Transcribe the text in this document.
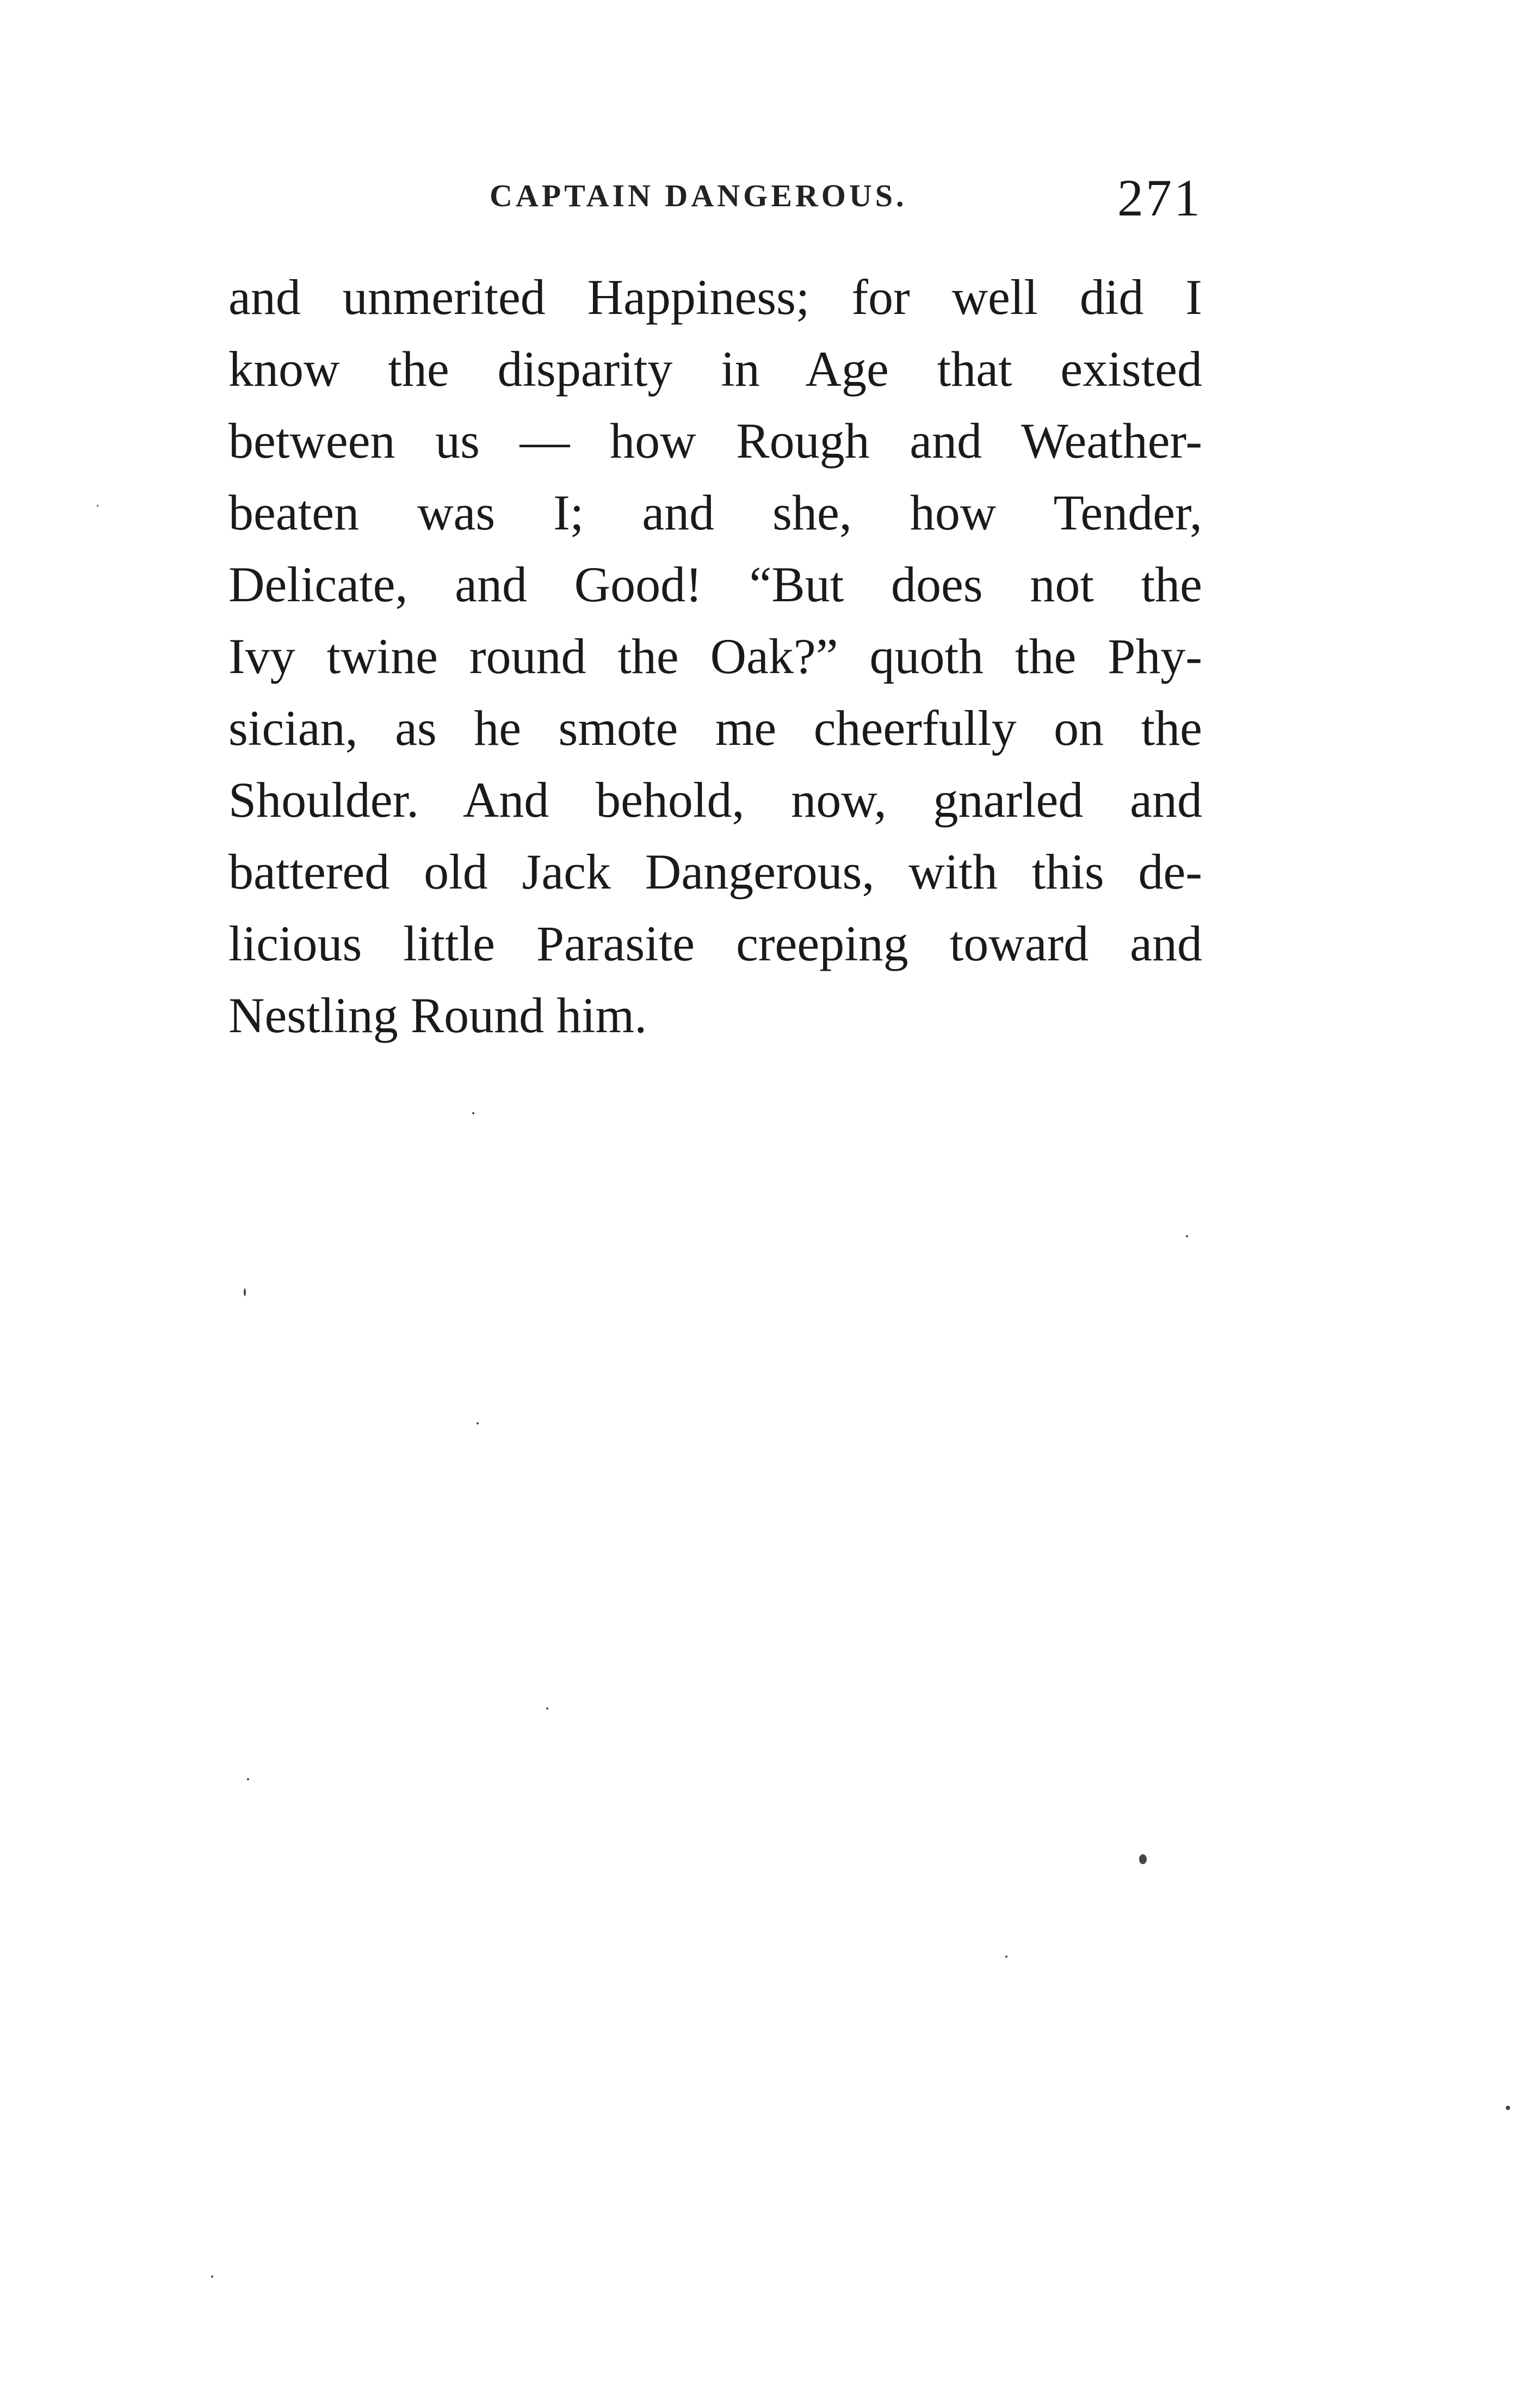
CAPTAIN DANGEROUS.	271
and unmerited Happiness; for well did I
know the disparity in Age that existed
between us — how Rough and Weather-
beaten was I; and she, how Tender,
Delicate, and Good! “But does not the
Ivy twine round the Oak?” quoth the Phy-
sician, as he smote me cheerfully on the
Shoulder. And behold, now, gnarled and
battered old Jack Dangerous, with this de-
licious little Parasite creeping toward and
Nestling Round him.
